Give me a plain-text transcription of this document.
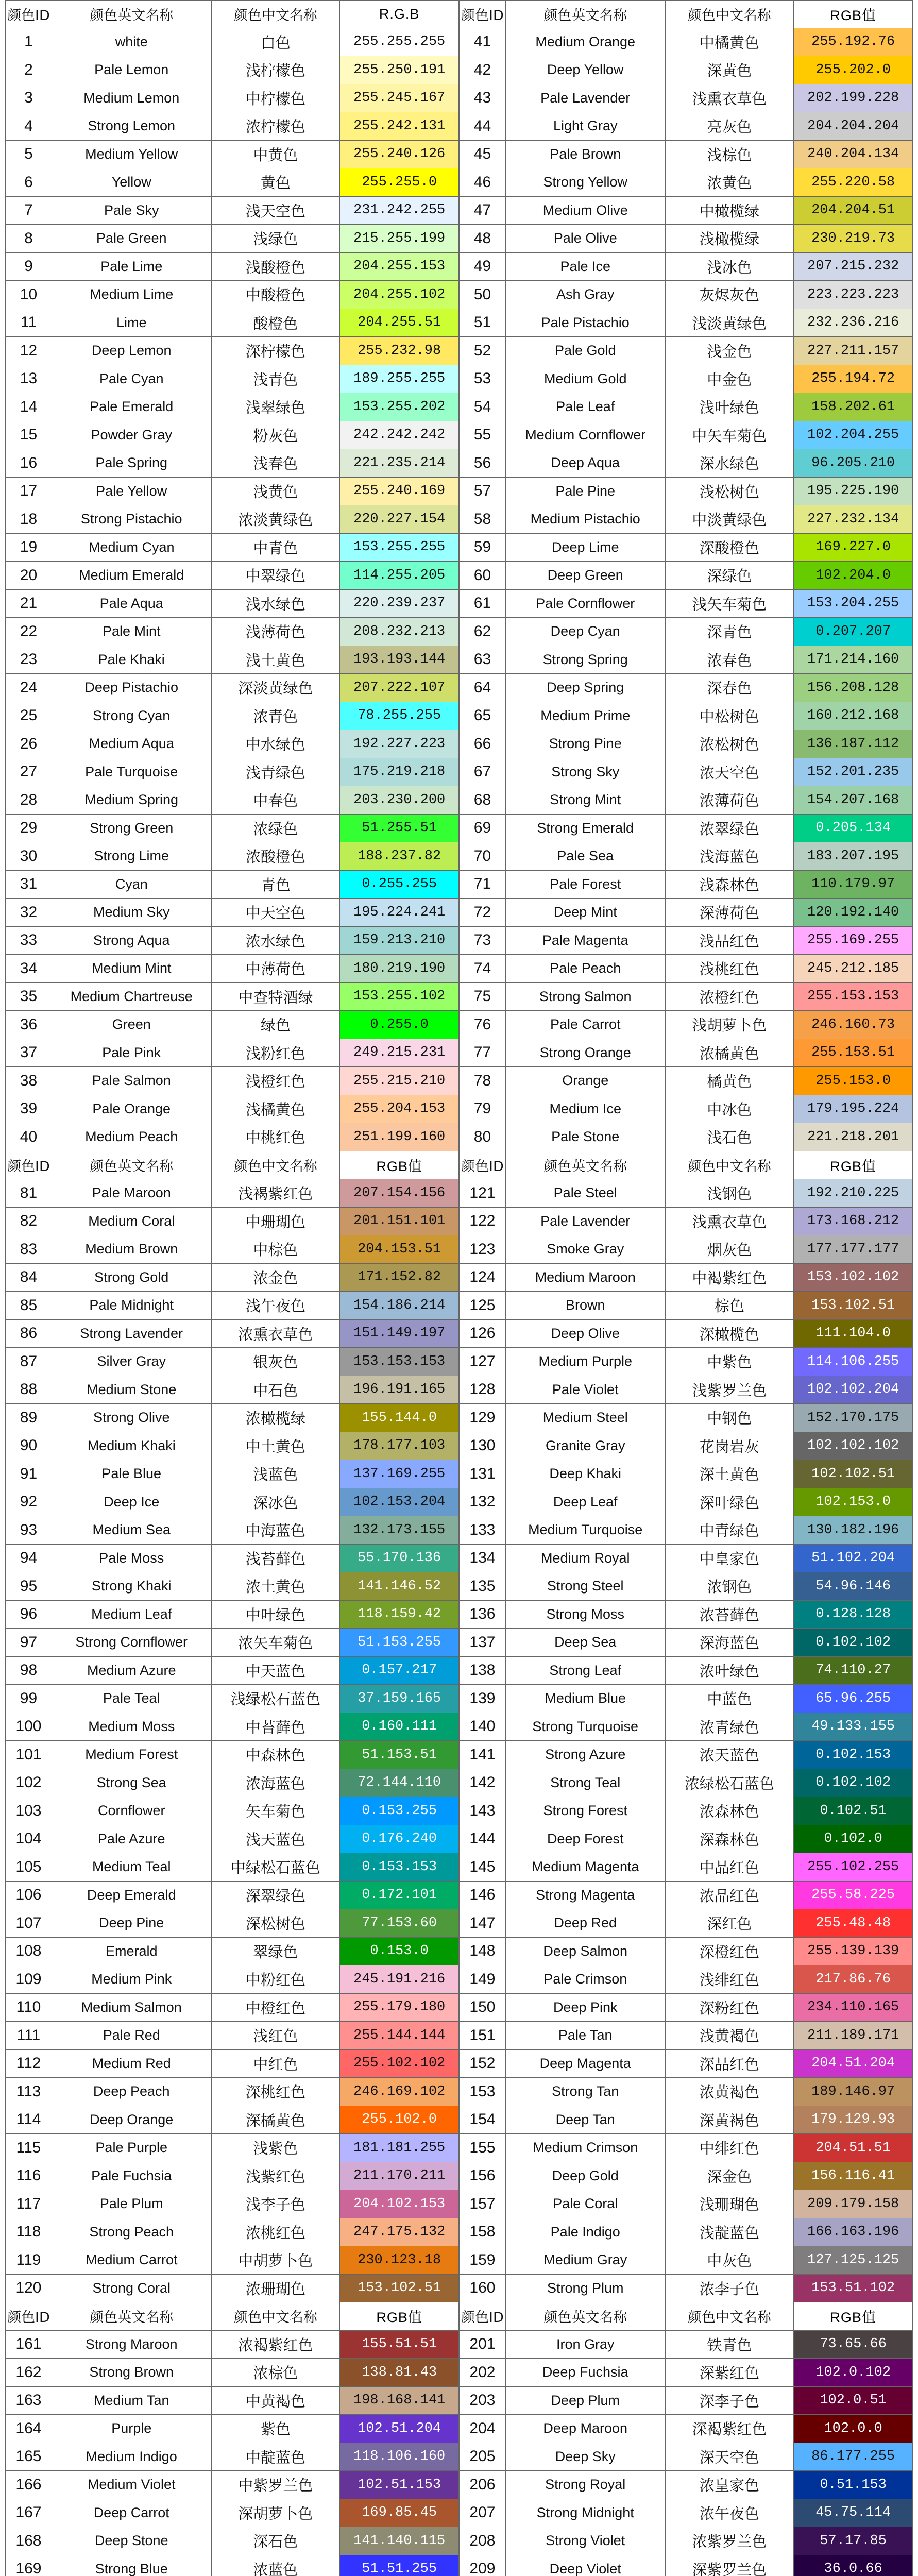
颜色ID	颜色英文名称	颜色中文名称	R.G.B
1	white	白色	255.255.255
2	Pale Lemon	浅柠檬色	255.250.191
3	Medium Lemon	中柠檬色	255.245.167
4	Strong Lemon	浓柠檬色	255.242.131
5	Medium Yellow	中黄色	255.240.126
6	Yellow	黄色	255.255.0
7	Pale Sky	浅天空色	231.242.255
8	Pale Green	浅绿色	215.255.199
9	Pale Lime	浅酸橙色	204.255.153
10	Medium Lime	中酸橙色	204.255.102
11	Lime	酸橙色	204.255.51
12	Deep Lemon	深柠檬色	255.232.98
13	Pale Cyan	浅青色	189.255.255
14	Pale Emerald	浅翠绿色	153.255.202
15	Powder Gray	粉灰色	242.242.242
16	Pale Spring	浅春色	221.235.214
17	Pale Yellow	浅黄色	255.240.169
18	Strong Pistachio	浓淡黄绿色	220.227.154
19	Medium Cyan	中青色	153.255.255
20	Medium Emerald	中翠绿色	114.255.205
21	Pale Aqua	浅水绿色	220.239.237
22	Pale Mint	浅薄荷色	208.232.213
23	Pale Khaki	浅土黄色	193.193.144
24	Deep Pistachio	深淡黄绿色	207.222.107
25	Strong Cyan	浓青色	78.255.255
26	Medium Aqua	中水绿色	192.227.223
27	Pale Turquoise	浅青绿色	175.219.218
28	Medium Spring	中春色	203.230.200
29	Strong Green	浓绿色	51.255.51
30	Strong Lime	浓酸橙色	188.237.82
31	Cyan	青色	0.255.255
32	Medium Sky	中天空色	195.224.241
33	Strong Aqua	浓水绿色	159.213.210
34	Medium Mint	中薄荷色	180.219.190
35	Medium Chartreuse	中查特酒绿	153.255.102
36	Green	绿色	0.255.0
37	Pale Pink	浅粉红色	249.215.231
38	Pale Salmon	浅橙红色	255.215.210
39	Pale Orange	浅橘黄色	255.204.153
40	Medium Peach	中桃红色	251.199.160
颜色ID	颜色英文名称	颜色中文名称	RGB值
41	Medium Orange	中橘黄色	255.192.76
42	Deep Yellow	深黄色	255.202.0
43	Pale Lavender	浅熏衣草色	202.199.228
44	Light Gray	亮灰色	204.204.204
45	Pale Brown	浅棕色	240.204.134
46	Strong Yellow	浓黄色	255.220.58
47	Medium Olive	中橄榄绿	204.204.51
48	Pale Olive	浅橄榄绿	230.219.73
49	Pale Ice	浅冰色	207.215.232
50	Ash Gray	灰烬灰色	223.223.223
51	Pale Pistachio	浅淡黄绿色	232.236.216
52	Pale Gold	浅金色	227.211.157
53	Medium Gold	中金色	255.194.72
54	Pale Leaf	浅叶绿色	158.202.61
55	Medium Cornflower	中矢车菊色	102.204.255
56	Deep Aqua	深水绿色	96.205.210
57	Pale Pine	浅松树色	195.225.190
58	Medium Pistachio	中淡黄绿色	227.232.134
59	Deep Lime	深酸橙色	169.227.0
60	Deep Green	深绿色	102.204.0
61	Pale Cornflower	浅矢车菊色	153.204.255
62	Deep Cyan	深青色	0.207.207
63	Strong Spring	浓春色	171.214.160
64	Deep Spring	深春色	156.208.128
65	Medium Prime	中松树色	160.212.168
66	Strong Pine	浓松树色	136.187.112
67	Strong Sky	浓天空色	152.201.235
68	Strong Mint	浓薄荷色	154.207.168
69	Strong Emerald	浓翠绿色	0.205.134
70	Pale Sea	浅海蓝色	183.207.195
71	Pale Forest	浅森林色	110.179.97
72	Deep Mint	深薄荷色	120.192.140
73	Pale Magenta	浅品红色	255.169.255
74	Pale Peach	浅桃红色	245.212.185
75	Strong Salmon	浓橙红色	255.153.153
76	Pale Carrot	浅胡萝卜色	246.160.73
77	Strong Orange	浓橘黄色	255.153.51
78	Orange	橘黄色	255.153.0
79	Medium Ice	中冰色	179.195.224
80	Pale Stone	浅石色	221.218.201
颜色ID	颜色英文名称	颜色中文名称	RGB值
81	Pale Maroon	浅褐紫红色	207.154.156
82	Medium Coral	中珊瑚色	201.151.101
83	Medium Brown	中棕色	204.153.51
84	Strong Gold	浓金色	171.152.82
85	Pale Midnight	浅午夜色	154.186.214
86	Strong Lavender	浓熏衣草色	151.149.197
87	Silver Gray	银灰色	153.153.153
88	Medium Stone	中石色	196.191.165
89	Strong Olive	浓橄榄绿	155.144.0
90	Medium Khaki	中土黄色	178.177.103
91	Pale Blue	浅蓝色	137.169.255
92	Deep Ice	深冰色	102.153.204
93	Medium Sea	中海蓝色	132.173.155
94	Pale Moss	浅苔藓色	55.170.136
95	Strong Khaki	浓土黄色	141.146.52
96	Medium Leaf	中叶绿色	118.159.42
97	Strong Cornflower	浓矢车菊色	51.153.255
98	Medium Azure	中天蓝色	0.157.217
99	Pale Teal	浅绿松石蓝色	37.159.165
100	Medium Moss	中苔藓色	0.160.111
101	Medium Forest	中森林色	51.153.51
102	Strong Sea	浓海蓝色	72.144.110
103	Cornflower	矢车菊色	0.153.255
104	Pale Azure	浅天蓝色	0.176.240
105	Medium Teal	中绿松石蓝色	0.153.153
106	Deep Emerald	深翠绿色	0.172.101
107	Deep Pine	深松树色	77.153.60
108	Emerald	翠绿色	0.153.0
109	Medium Pink	中粉红色	245.191.216
110	Medium Salmon	中橙红色	255.179.180
111	Pale Red	浅红色	255.144.144
112	Medium Red	中红色	255.102.102
113	Deep Peach	深桃红色	246.169.102
114	Deep Orange	深橘黄色	255.102.0
115	Pale Purple	浅紫色	181.181.255
116	Pale Fuchsia	浅紫红色	211.170.211
117	Pale Plum	浅李子色	204.102.153
118	Strong Peach	浓桃红色	247.175.132
119	Medium Carrot	中胡萝卜色	230.123.18
120	Strong Coral	浓珊瑚色	153.102.51
颜色ID	颜色英文名称	颜色中文名称	RGB值
121	Pale Steel	浅钢色	192.210.225
122	Pale Lavender	浅熏衣草色	173.168.212
123	Smoke Gray	烟灰色	177.177.177
124	Medium Maroon	中褐紫红色	153.102.102
125	Brown	棕色	153.102.51
126	Deep Olive	深橄榄色	111.104.0
127	Medium Purple	中紫色	114.106.255
128	Pale Violet	浅紫罗兰色	102.102.204
129	Medium Steel	中钢色	152.170.175
130	Granite Gray	花岗岩灰	102.102.102
131	Deep Khaki	深土黄色	102.102.51
132	Deep Leaf	深叶绿色	102.153.0
133	Medium Turquoise	中青绿色	130.182.196
134	Medium Royal	中皇家色	51.102.204
135	Strong Steel	浓钢色	54.96.146
136	Strong Moss	浓苔藓色	0.128.128
137	Deep Sea	深海蓝色	0.102.102
138	Strong Leaf	浓叶绿色	74.110.27
139	Medium Blue	中蓝色	65.96.255
140	Strong Turquoise	浓青绿色	49.133.155
141	Strong Azure	浓天蓝色	0.102.153
142	Strong Teal	浓绿松石蓝色	0.102.102
143	Strong Forest	浓森林色	0.102.51
144	Deep Forest	深森林色	0.102.0
145	Medium Magenta	中品红色	255.102.255
146	Strong Magenta	浓品红色	255.58.225
147	Deep Red	深红色	255.48.48
148	Deep Salmon	深橙红色	255.139.139
149	Pale Crimson	浅绯红色	217.86.76
150	Deep Pink	深粉红色	234.110.165
151	Pale Tan	浅黄褐色	211.189.171
152	Deep Magenta	深品红色	204.51.204
153	Strong Tan	浓黄褐色	189.146.97
154	Deep Tan	深黄褐色	179.129.93
155	Medium Crimson	中绯红色	204.51.51
156	Deep Gold	深金色	156.116.41
157	Pale Coral	浅珊瑚色	209.179.158
158	Pale Indigo	浅靛蓝色	166.163.196
159	Medium Gray	中灰色	127.125.125
160	Strong Plum	浓李子色	153.51.102
颜色ID	颜色英文名称	颜色中文名称	RGB值
161	Strong Maroon	浓褐紫红色	155.51.51
162	Strong Brown	浓棕色	138.81.43
163	Medium Tan	中黄褐色	198.168.141
164	Purple	紫色	102.51.204
165	Medium Indigo	中靛蓝色	118.106.160
166	Medium Violet	中紫罗兰色	102.51.153
167	Deep Carrot	深胡萝卜色	169.85.45
168	Deep Stone	深石色	141.140.115
169	Strong Blue	浓蓝色	51.51.255
颜色ID	颜色英文名称	颜色中文名称	RGB值
201	Iron Gray	铁青色	73.65.66
202	Deep Fuchsia	深紫红色	102.0.102
203	Deep Plum	深李子色	102.0.51
204	Deep Maroon	深褐紫红色	102.0.0
205	Deep Sky	深天空色	86.177.255
206	Strong Royal	浓皇家色	0.51.153
207	Strong Midnight	浓午夜色	45.75.114
208	Strong Violet	浓紫罗兰色	57.17.85
209	Deep Violet	深紫罗兰色	36.0.66
